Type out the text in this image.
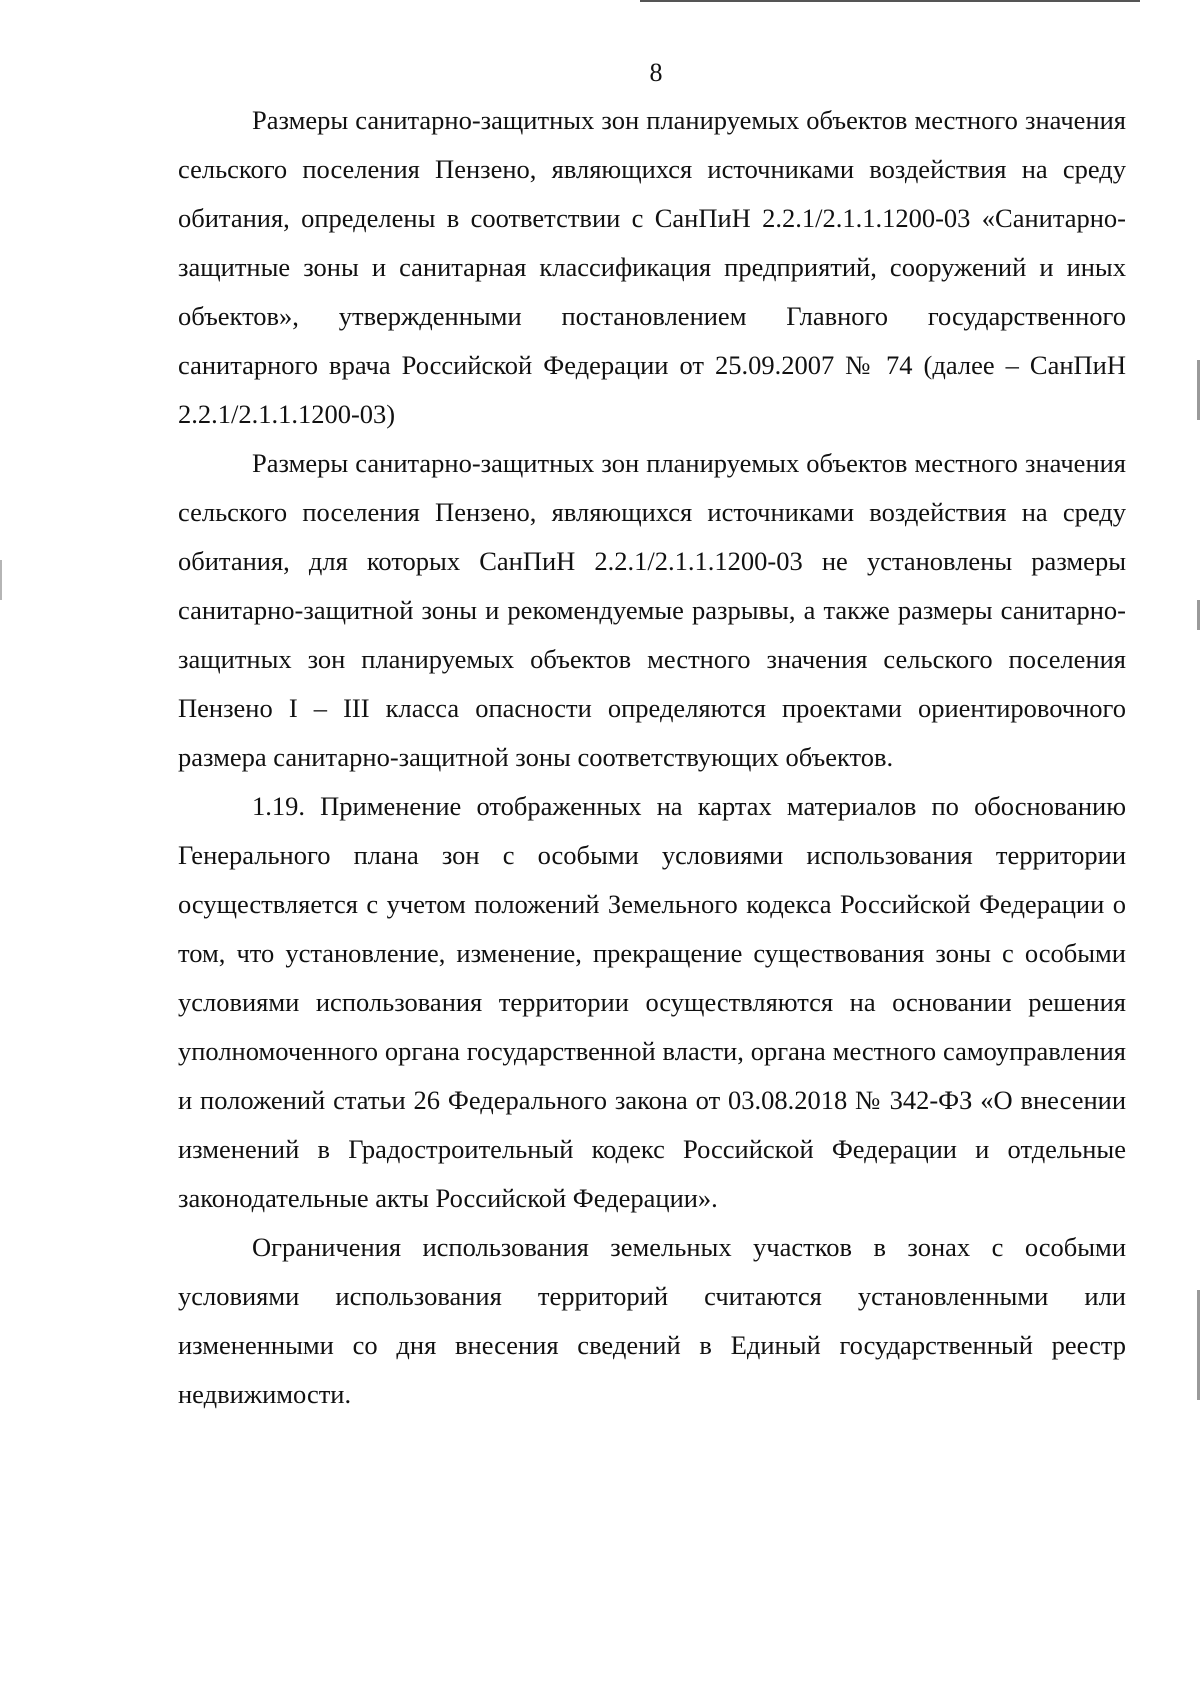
8

Размеры санитарно-защитных зон планируемых объектов местного значения сельского поселения Пензено, являющихся источниками воздействия на среду обитания, определены в соответствии с СанПиН 2.2.1/2.1.1.1200-03 «Санитарно-защитные зоны и санитарная классификация предприятий, сооружений и иных объектов», утвержденными постановлением Главного государственного санитарного врача Российской Федерации от 25.09.2007 № 74 (далее – СанПиН 2.2.1/2.1.1.1200-03)

Размеры санитарно-защитных зон планируемых объектов местного значения сельского поселения Пензено, являющихся источниками воздействия на среду обитания, для которых СанПиН 2.2.1/2.1.1.1200-03 не установлены размеры санитарно-защитной зоны и рекомендуемые разрывы, а также размеры санитарно-защитных зон планируемых объектов местного значения сельского поселения Пензено I – III класса опасности определяются проектами ориентировочного размера санитарно-защитной зоны соответствующих объектов.

1.19. Применение отображенных на картах материалов по обоснованию Генерального плана зон с особыми условиями использования территории осуществляется с учетом положений Земельного кодекса Российской Федерации о том, что установление, изменение, прекращение существования зоны с особыми условиями использования территории осуществляются на основании решения уполномоченного органа государственной власти, органа местного самоуправления и положений статьи 26 Федерального закона от 03.08.2018 № 342-ФЗ «О внесении изменений в Градостроительный кодекс Российской Федерации и отдельные законодательные акты Российской Федерации».

Ограничения использования земельных участков в зонах с особыми условиями использования территорий считаются установленными или измененными со дня внесения сведений в Единый государственный реестр недвижимости.
